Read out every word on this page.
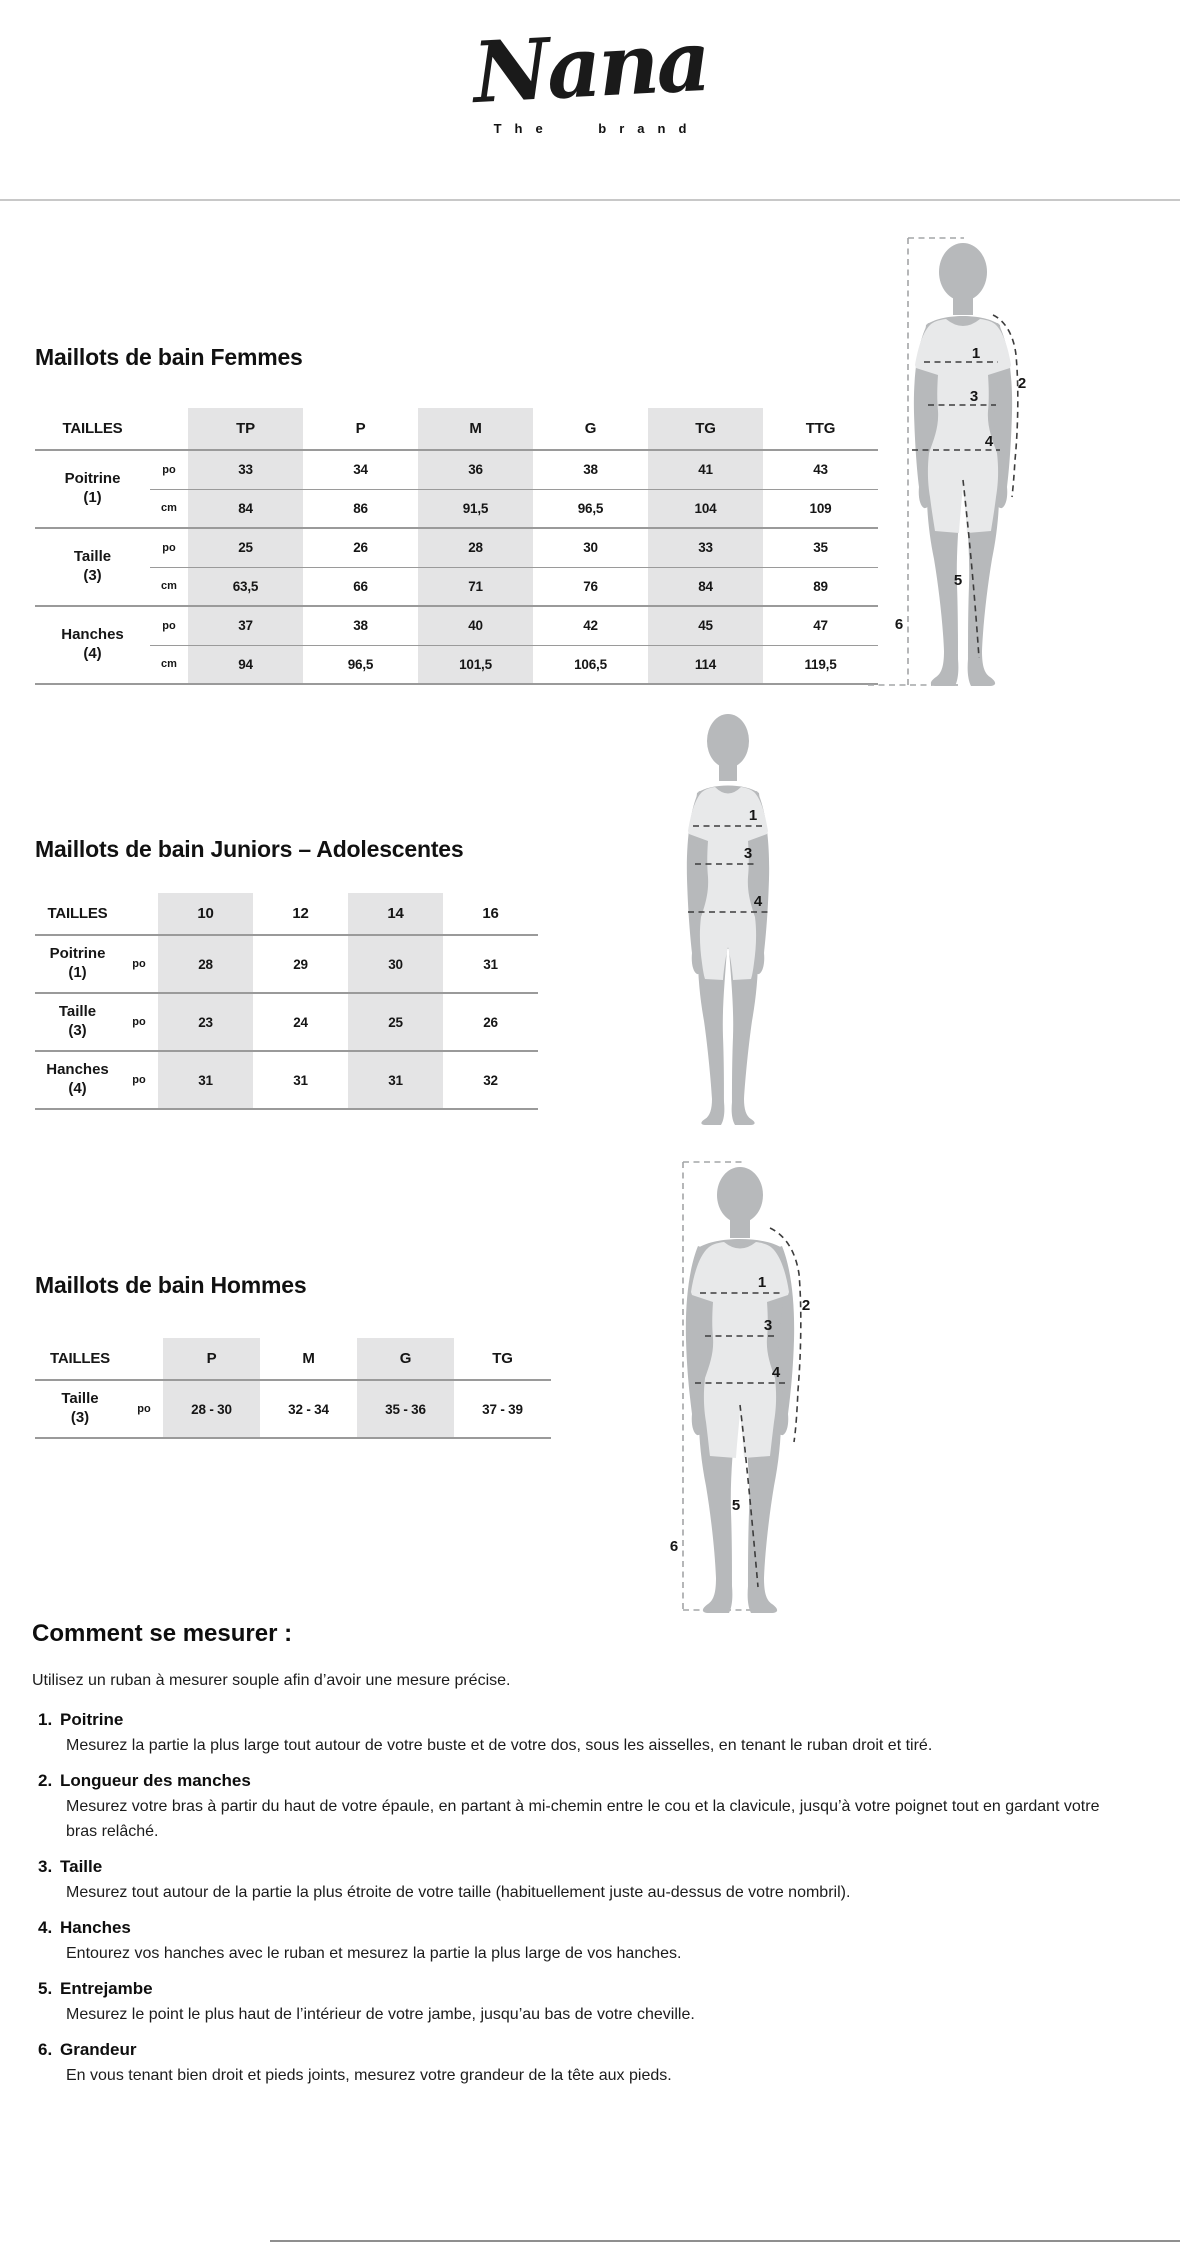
Nana
The brand
Maillots de bain Femmes
TAILLES		TP	P	M	G	TG	TTG
Poitrine
(1)	po	33	34	36	38	41	43
	cm	84	86	91,5	96,5	104	109
Taille
(3)	po	25	26	28	30	33	35
	cm	63,5	66	71	76	84	89
Hanches
(4)	po	37	38	40	42	45	47
	cm	94	96,5	101,5	106,5	114	119,5
1
2
3
4
5
6
Maillots de bain Juniors – Adolescentes
TAILLES		10	12	14	16
Poitrine
(1)	po	28	29	30	31
Taille
(3)	po	23	24	25	26
Hanches
(4)	po	31	31	31	32
1
3
4
Maillots de bain Hommes
TAILLES		P	M	G	TG
Taille
(3)	po	28 - 30	32 - 34	35 - 36	37 - 39
1
2
3
4
5
6
Comment se mesurer :

Utilisez un ruban à mesurer souple afin d’avoir une mesure précise.

1. Poitrine

Mesurez la partie la plus large tout autour de votre buste et de votre dos, sous les aisselles, en tenant le ruban droit et tiré.

2. Longueur des manches

Mesurez votre bras à partir du haut de votre épaule, en partant à mi-chemin entre le cou et la clavicule, jusqu’à votre poignet tout en gardant votre bras relâché.

3. Taille

Mesurez tout autour de la partie la plus étroite de votre taille (habituellement juste au-dessus de votre nombril).

4. Hanches

Entourez vos hanches avec le ruban et mesurez la partie la plus large de vos hanches.

5. Entrejambe

Mesurez le point le plus haut de l’intérieur de votre jambe, jusqu’au bas de votre cheville.

6. Grandeur

En vous tenant bien droit et pieds joints, mesurez votre grandeur de la tête aux pieds.
